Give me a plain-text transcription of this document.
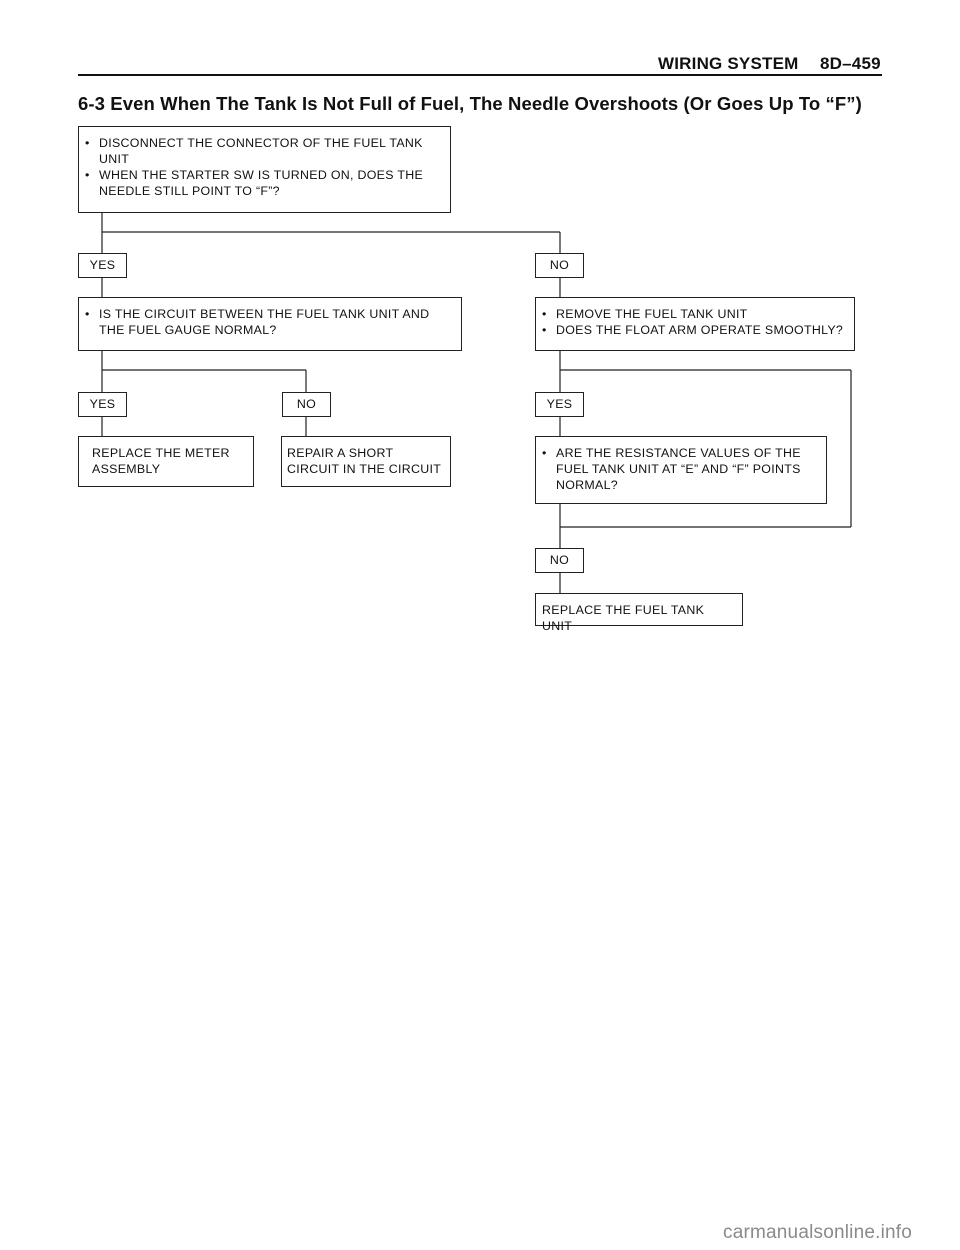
WIRING SYSTEM 8D–459
6-3 Even When The Tank Is Not Full of Fuel, The Needle Overshoots (Or Goes Up To “F”)
• DISCONNECT THE CONNECTOR OF THE FUEL TANK UNIT
• WHEN THE STARTER SW IS TURNED ON, DOES THE NEEDLE STILL POINT TO “F”?
YES	NO
• IS THE CIRCUIT BETWEEN THE FUEL TANK UNIT AND THE FUEL GAUGE NORMAL?
• REMOVE THE FUEL TANK UNIT
• DOES THE FLOAT ARM OPERATE SMOOTHLY?
YES	NO	YES
REPLACE THE METER ASSEMBLY
REPAIR A SHORT CIRCUIT IN THE CIRCUIT
• ARE THE RESISTANCE VALUES OF THE FUEL TANK UNIT AT “E” AND “F” POINTS NORMAL?
NO
REPLACE THE FUEL TANK UNIT
carmanualsonline.info
